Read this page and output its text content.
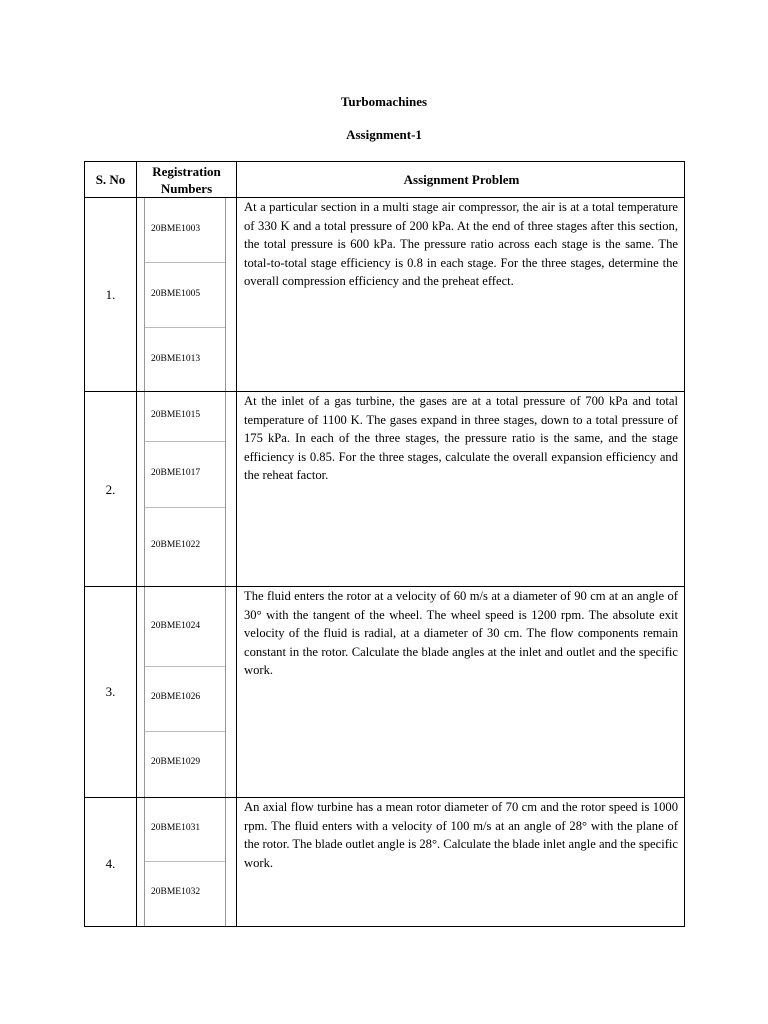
Turbomachines
Assignment-1
S. No
Registration Numbers
Assignment Problem
1.
20BME1003
20BME1005
20BME1013
At a particular section in a multi stage air compressor, the air is at a total temperature of 330 K and a total pressure of 200 kPa. At the end of three stages after this section, the total pressure is 600 kPa. The pressure ratio across each stage is the same. The total-to-total stage efficiency is 0.8 in each stage. For the three stages, determine the overall compression efficiency and the preheat effect.
2.
20BME1015
20BME1017
20BME1022
At the inlet of a gas turbine, the gases are at a total pressure of 700 kPa and total temperature of 1100 K. The gases expand in three stages, down to a total pressure of 175 kPa. In each of the three stages, the pressure ratio is the same, and the stage efficiency is 0.85. For the three stages, calculate the overall expansion efficiency and the reheat factor.
3.
20BME1024
20BME1026
20BME1029
The fluid enters the rotor at a velocity of 60 m/s at a diameter of 90 cm at an angle of 30° with the tangent of the wheel. The wheel speed is 1200 rpm. The absolute exit velocity of the fluid is radial, at a diameter of 30 cm. The flow components remain constant in the rotor. Calculate the blade angles at the inlet and outlet and the specific work.
4.
20BME1031
20BME1032
An axial flow turbine has a mean rotor diameter of 70 cm and the rotor speed is 1000 rpm. The fluid enters with a velocity of 100 m/s at an angle of 28° with the plane of the rotor. The blade outlet angle is 28°. Calculate the blade inlet angle and the specific work.
